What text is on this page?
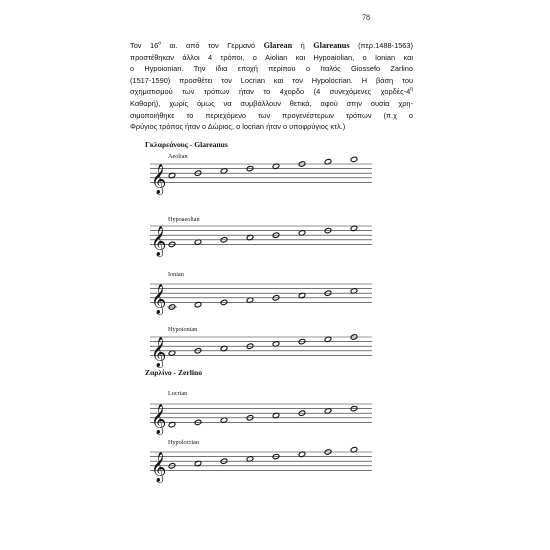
78
Τον $16^o$ αι. από τον Γερμανό Glarean ή Glareanus (περ.1488-1563)
προστέθηκαν άλλοι 4 τρόποι, ο Aiolian και Hypoaiolian, ο Ionian και
ο Hypoionian. Την ίδια εποχή περίπου ο Ιταλός Giossefo Zarlino
(1517-1590) προσθέτει τον Locrian και τον Hypolocrian. Η βάση του
σχηματισμού των τρόπων ήταν το 4χορδο (4 συνεχόμενες χορδές-$4^\eta$
Καθαρή), χωρίς όμως να συμβάλλουν θετικά, αφού στην ουσία χρη-
σιμοποιήθηκε το περιεχόμενο των προγενέστερων τρόπων (π.χ ο
Φρύγιος τρόπος ήταν ο Δώριος, ο locrian ήταν ο υποφρύγιος κτλ.)
Γκλαρεάνους - Glareanus
𝄞
Aeolian
𝄞
Hypoaeolian
𝄞
Ionian
𝄞
Hypoionian
Ζαρλίνο - Zerlino
𝄞
Locrian
𝄞
Hypolocrian
